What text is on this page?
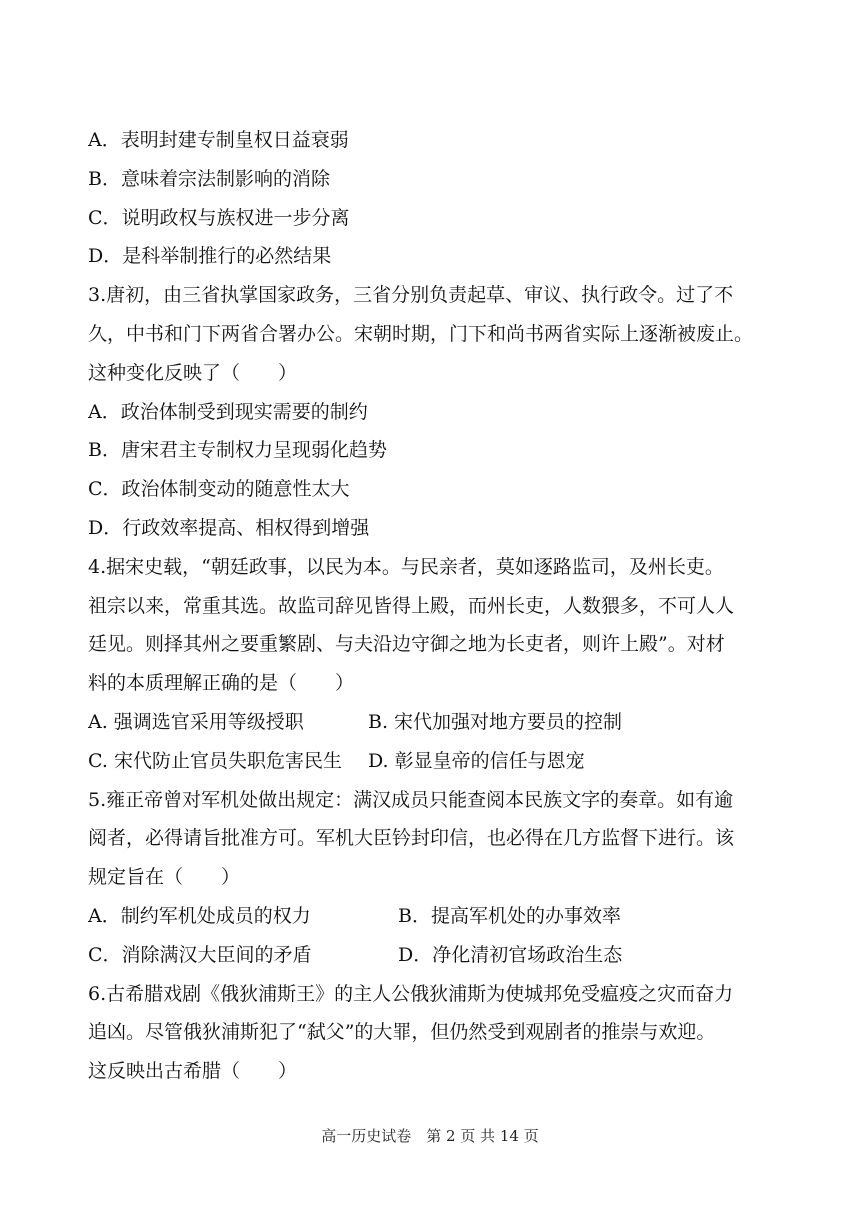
A．表明封建专制皇权日益衰弱
B．意味着宗法制影响的消除
C．说明政权与族权进一步分离
D．是科举制推行的必然结果
3.唐初，由三省执掌国家政务，三省分别负责起草、审议、执行政令。过了不
久，中书和门下两省合署办公。宋朝时期，门下和尚书两省实际上逐渐被废止。
这种变化反映了（　　）
A．政治体制受到现实需要的制约
B．唐宋君主专制权力呈现弱化趋势
C．政治体制变动的随意性太大
D．行政效率提高、相权得到增强
4.据宋史载，“朝廷政事，以民为本。与民亲者，莫如逐路监司，及州长吏。
祖宗以来，常重其选。故监司辞见皆得上殿，而州长吏，人数猥多，不可人人
廷见。则择其州之要重繁剧、与夫沿边守御之地为长吏者，则许上殿”。对材
料的本质理解正确的是（　　）
A. 强调选官采用等级授职	B. 宋代加强对地方要员的控制
C. 宋代防止官员失职危害民生	D. 彰显皇帝的信任与恩宠
5.雍正帝曾对军机处做出规定：满汉成员只能查阅本民族文字的奏章。如有逾
阅者，必得请旨批准方可。军机大臣钤封印信，也必得在几方监督下进行。该
规定旨在（　　）
A．制约军机处成员的权力	B．提高军机处的办事效率
C．消除满汉大臣间的矛盾	D．净化清初官场政治生态
6.古希腊戏剧《俄狄浦斯王》的主人公俄狄浦斯为使城邦免受瘟疫之灾而奋力
追凶。尽管俄狄浦斯犯了“弑父”的大罪，但仍然受到观剧者的推崇与欢迎。
这反映出古希腊（　　）
高一历史试卷　第 2 页 共 14 页
